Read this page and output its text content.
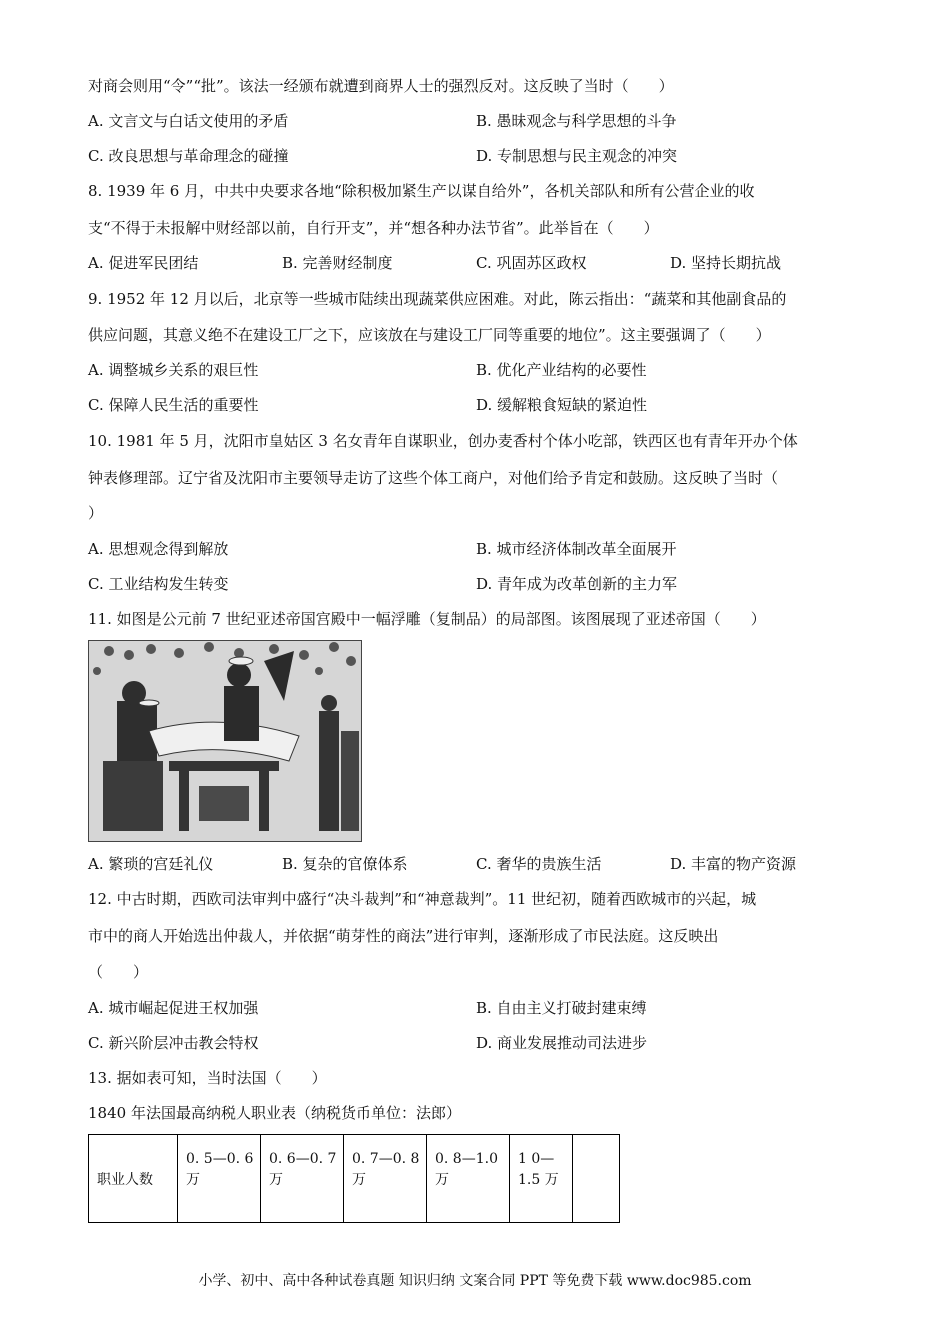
对商会则用“令”“批”。该法一经颁布就遭到商界人士的强烈反对。这反映了当时（　　）
A. 文言文与白话文使用的矛盾	B. 愚昧观念与科学思想的斗争
C. 改良思想与革命理念的碰撞	D. 专制思想与民主观念的冲突
8. 1939 年 6 月，中共中央要求各地“除积极加紧生产以谋自给外”，各机关部队和所有公营企业的收
支“不得于未报解中财经部以前，自行开支”，并“想各种办法节省”。此举旨在（　　）
A. 促进军民团结	B. 完善财经制度	C. 巩固苏区政权	D. 坚持长期抗战
9. 1952 年 12 月以后，北京等一些城市陆续出现蔬菜供应困难。对此，陈云指出：“蔬菜和其他副食品的
供应问题，其意义绝不在建设工厂之下，应该放在与建设工厂同等重要的地位”。这主要强调了（　　）
A. 调整城乡关系的艰巨性	B. 优化产业结构的必要性
C. 保障人民生活的重要性	D. 缓解粮食短缺的紧迫性
10. 1981 年 5 月，沈阳市皇姑区 3 名女青年自谋职业，创办麦香村个体小吃部，铁西区也有青年开办个体
钟表修理部。辽宁省及沈阳市主要领导走访了这些个体工商户，对他们给予肯定和鼓励。这反映了当时（
）
A. 思想观念得到解放	B. 城市经济体制改革全面展开
C. 工业结构发生转变	D. 青年成为改革创新的主力军
11. 如图是公元前 7 世纪亚述帝国宫殿中一幅浮雕（复制品）的局部图。该图展现了亚述帝国（　　）
A. 繁琐的宫廷礼仪	B. 复杂的官僚体系	C. 奢华的贵族生活	D. 丰富的物产资源
12. 中古时期，西欧司法审判中盛行“决斗裁判”和“神意裁判”。11 世纪初，随着西欧城市的兴起，城
市中的商人开始选出仲裁人，并依据“萌芽性的商法”进行审判，逐渐形成了市民法庭。这反映出
（　　）
A. 城市崛起促进王权加强	B. 自由主义打破封建束缚
C. 新兴阶层冲击教会特权	D. 商业发展推动司法进步
13. 据如表可知，当时法国（　　）
1840 年法国最高纳税人职业表（纳税货币单位：法郎）
职业人数	0. 5—0. 6 万	0. 6—0. 7 万	0. 7—0. 8 万	0. 8—1.0 万	1 0—1.5 万	
小学、初中、高中各种试卷真题 知识归纳 文案合同 PPT 等免费下载 www.doc985.com
